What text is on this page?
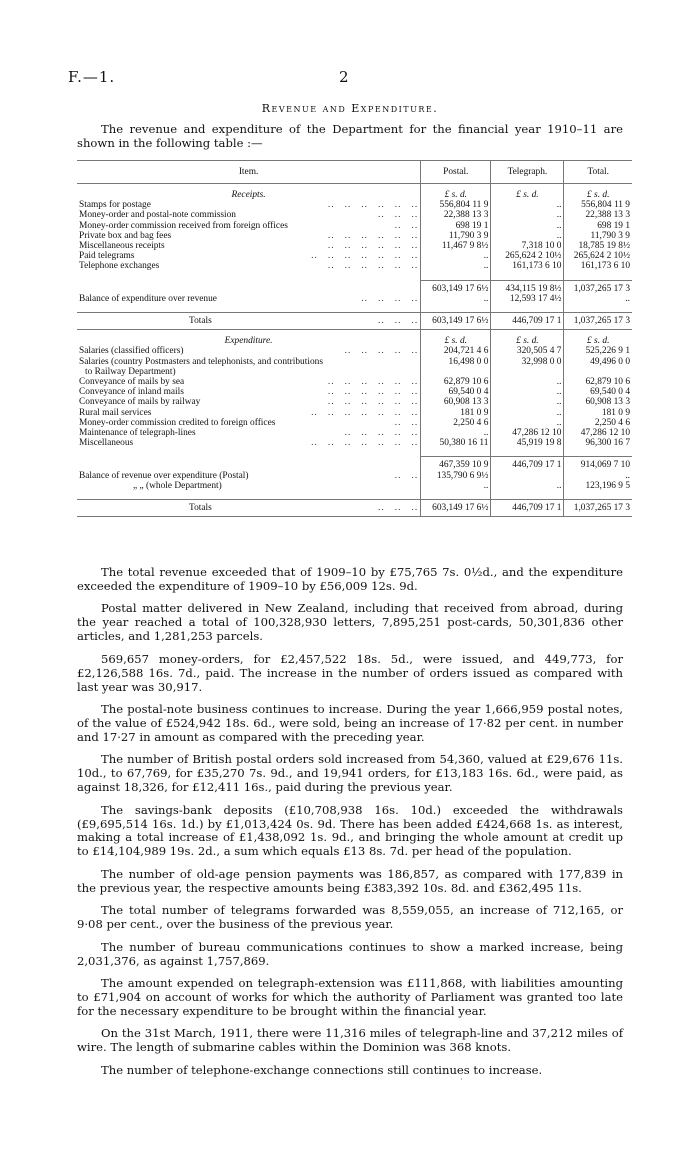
F.—1.	2
Revenue and Expenditure.
The revenue and expenditure of the Department for the financial year 1910–11 are shown in the following table :—
Item.	Postal.	Telegraph.	Total.
Receipts.	£ s. d.	£ s. d.	£ s. d.
Stamps for postage ..   ..   ..   ..   ..   ..	556,804 11 9	..	556,804 11 9
Money-order and postal-note commission ..   ..   ..	22,388 13 3	..	22,388 13 3
Money-order commission received from foreign offices ..   ..	698 19 1	..	698 19 1
Private box and bag fees ..   ..   ..   ..   ..   ..	11,790 3 9	..	11,790 3 9
Miscellaneous receipts ..   ..   ..   ..   ..   ..	11,467 9 8½	7,318 10 0	18,785 19 8½
Paid telegrams ..   ..   ..   ..   ..   ..   ..	..	265,624 2 10½	265,624 2 10½
Telephone exchanges ..   ..   ..   ..   ..   ..	..	161,173 6 10	161,173 6 10

	603,149 17 6½	434,115 19 8½	1,037,265 17 3
Balance of expenditure over revenue ..   ..   ..   ..	..	12,593 17 4½	..

Totals ..   ..   ..	603,149 17 6½	446,709 17 1	1,037,265 17 3
Expenditure.	£ s. d.	£ s. d.	£ s. d.
Salaries (classified officers) ..   ..   ..   ..   ..	204,721 4 6	320,505 4 7	525,226 9 1
Salaries (country Postmasters and telephonists, and contributions	16,498 0 0	32,998 0 0	49,496 0 0
to Railway Department)			
Conveyance of mails by sea ..   ..   ..   ..   ..   ..	62,879 10 6	..	62,879 10 6
Conveyance of inland mails ..   ..   ..   ..   ..   ..	69,540 0 4	..	69,540 0 4
Conveyance of mails by railway ..   ..   ..   ..   ..   ..	60,908 13 3	..	60,908 13 3
Rural mail services ..   ..   ..   ..   ..   ..   ..	181 0 9	..	181 0 9
Money-order commission credited to foreign offices ..   ..	2,250 4 6	..	2,250 4 6
Maintenance of telegraph-lines ..   ..   ..   ..   ..	..	47,286 12 10	47,286 12 10
Miscellaneous ..   ..   ..   ..   ..   ..   ..	50,380 16 11	45,919 19 8	96,300 16 7

	467,359 10 9	446,709 17 1	914,069 7 10
Balance of revenue over expenditure (Postal) ..   ..	135,790 6 9½		..
„ „ (whole Department)	..	..	123,196 9 5

Totals ..   ..   ..	603,149 17 6½	446,709 17 1	1,037,265 17 3

The total revenue exceeded that of 1909–10 by £75,765 7s. 0½d., and the expenditure exceeded the expenditure of 1909–10 by £56,009 12s. 9d.

Postal matter delivered in New Zealand, including that received from abroad, during the year reached a total of 100,328,930 letters, 7,895,251 post-cards, 50,301,836 other articles, and 1,281,253 parcels.

569,657 money-orders, for £2,457,522 18s. 5d., were issued, and 449,773, for £2,126,588 16s. 7d., paid. The increase in the number of orders issued as compared with last year was 30,917.

The postal-note business continues to increase. During the year 1,666,959 postal notes, of the value of £524,942 18s. 6d., were sold, being an increase of 17·82 per cent. in number and 17·27 in amount as compared with the preceding year.

The number of British postal orders sold increased from 54,360, valued at £29,676 11s. 10d., to 67,769, for £35,270 7s. 9d., and 19,941 orders, for £13,183 16s. 6d., were paid, as against 18,326, for £12,411 16s., paid during the previous year.

The savings-bank deposits (£10,708,938 16s. 10d.) exceeded the withdrawals (£9,695,514 16s. 1d.) by £1,013,424 0s. 9d. There has been added £424,668 1s. as interest, making a total increase of £1,438,092 1s. 9d., and bringing the whole amount at credit up to £14,104,989 19s. 2d., a sum which equals £13 8s. 7d. per head of the population.

The number of old-age pension payments was 186,857, as compared with 177,839 in the previous year, the respective amounts being £383,392 10s. 8d. and £362,495 11s.

The total number of telegrams forwarded was 8,559,055, an increase of 712,165, or 9·08 per cent., over the business of the previous year.

The number of bureau communications continues to show a marked increase, being 2,031,376, as against 1,757,869.

The amount expended on telegraph-extension was £111,868, with liabilities amounting to £71,904 on account of works for which the authority of Parliament was granted too late for the necessary expenditure to be brought within the financial year.

On the 31st March, 1911, there were 11,316 miles of telegraph-line and 37,212 miles of wire. The length of submarine cables within the Dominion was 368 knots.

The number of telephone-exchange connections still continues to increase.

·
